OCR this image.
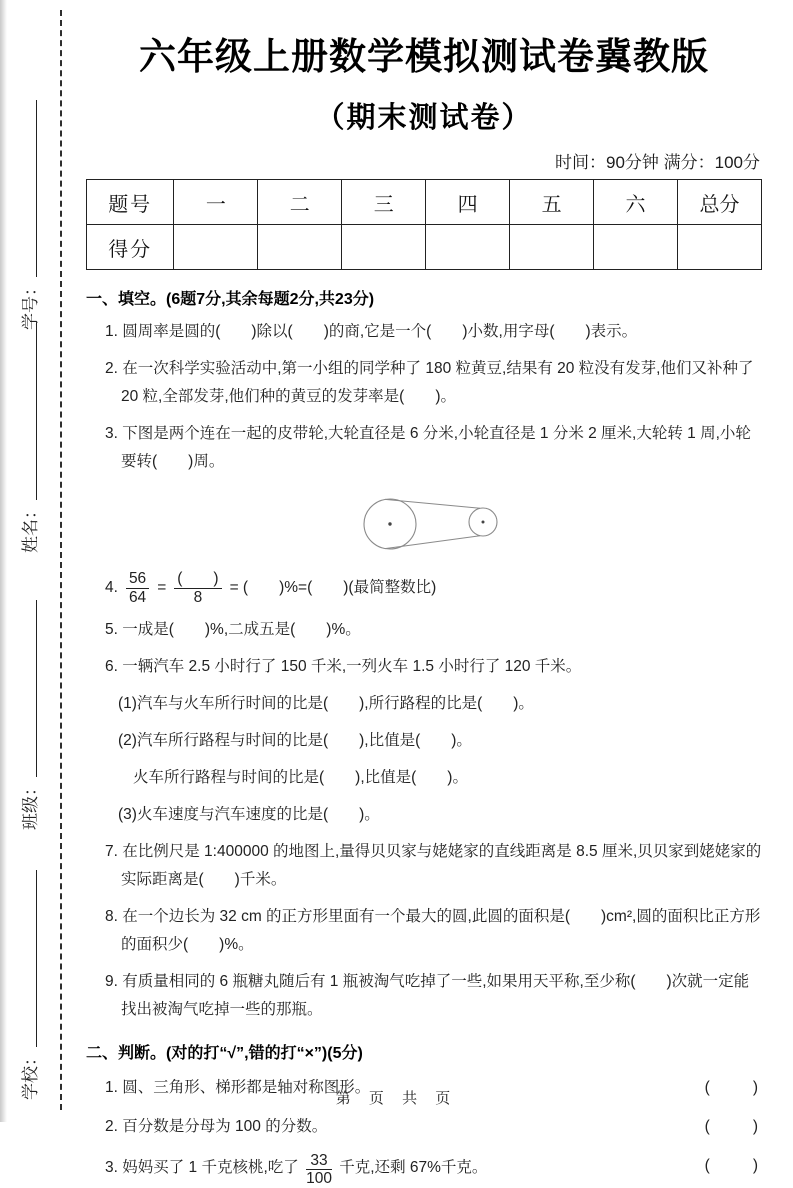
学号：
姓名：
班级：
学校：
六年级上册数学模拟测试卷冀教版
（期末测试卷）
时间：90分钟 满分：100分
题号	一	二	三	四	五	六	总分
得分							
一、填空。(6题7分,其余每题2分,共23分)
1. 圆周率是圆的(　　)除以(　　)的商,它是一个(　　)小数,用字母(　　)表示。
2. 在一次科学实验活动中,第一小组的同学种了 180 粒黄豆,结果有 20 粒没有发芽,他们又补种了 20 粒,全部发芽,他们种的黄豆的发芽率是(　　)。
3. 下图是两个连在一起的皮带轮,大轮直径是 6 分米,小轮直径是 1 分米 2 厘米,大轮转 1 周,小轮要转(　　)周。
4. $\frac{56}{64} = \frac{( )}{8}$ = (　　)%=(　　)(最简整数比)
5. 一成是(　　)%,二成五是(　　)%。
6. 一辆汽车 2.5 小时行了 150 千米,一列火车 1.5 小时行了 120 千米。
(1)汽车与火车所行时间的比是(　　),所行路程的比是(　　)。
(2)汽车所行路程与时间的比是(　　),比值是(　　)。
火车所行路程与时间的比是(　　),比值是(　　)。
(3)火车速度与汽车速度的比是(　　)。
7. 在比例尺是 1:400000 的地图上,量得贝贝家与姥姥家的直线距离是 8.5 厘米,贝贝家到姥姥家的实际距离是(　　)千米。
8. 在一个边长为 32 cm 的正方形里面有一个最大的圆,此圆的面积是(　　)cm²,圆的面积比正方形的面积少(　　)%。
9. 有质量相同的 6 瓶糖丸随后有 1 瓶被淘气吃掉了一些,如果用天平称,至少称(　　)次就一定能找出被淘气吃掉一些的那瓶。
二、判断。(对的打“√”,错的打“×”)(5分)
1. 圆、三角形、梯形都是轴对称图形。	(　　)
2. 百分数是分母为 100 的分数。	(　　)
3. 妈妈买了 1 千克核桃,吃了 $\frac{33}{100}$ 千克,还剩 67%千克。	(　　)
第 页 共 页
